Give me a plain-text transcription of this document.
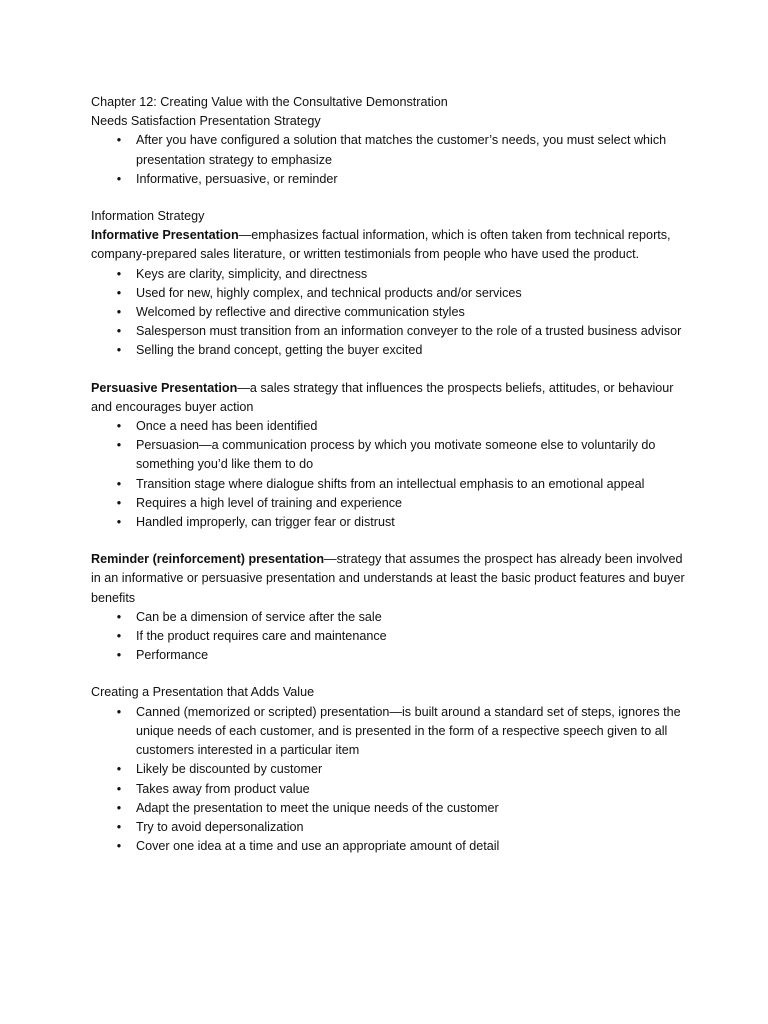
Chapter 12: Creating Value with the Consultative Demonstration

Needs Satisfaction Presentation Strategy

• After you have configured a solution that matches the customer’s needs, you must select which presentation strategy to emphasize
• Informative, persuasive, or reminder

Information Strategy

Informative Presentation—emphasizes factual information, which is often taken from technical reports, company-prepared sales literature, or written testimonials from people who have used the product.

• Keys are clarity, simplicity, and directness
• Used for new, highly complex, and technical products and/or services
• Welcomed by reflective and directive communication styles
• Salesperson must transition from an information conveyer to the role of a trusted business advisor
• Selling the brand concept, getting the buyer excited

Persuasive Presentation—a sales strategy that influences the prospects beliefs, attitudes, or behaviour and encourages buyer action

• Once a need has been identified
• Persuasion—a communication process by which you motivate someone else to voluntarily do something you’d like them to do
• Transition stage where dialogue shifts from an intellectual emphasis to an emotional appeal
• Requires a high level of training and experience
• Handled improperly, can trigger fear or distrust

Reminder (reinforcement) presentation—strategy that assumes the prospect has already been involved in an informative or persuasive presentation and understands at least the basic product features and buyer benefits

• Can be a dimension of service after the sale
• If the product requires care and maintenance
• Performance

Creating a Presentation that Adds Value

• Canned (memorized or scripted) presentation—is built around a standard set of steps, ignores the unique needs of each customer, and is presented in the form of a respective speech given to all customers interested in a particular item
• Likely be discounted by customer
• Takes away from product value
• Adapt the presentation to meet the unique needs of the customer
• Try to avoid depersonalization
• Cover one idea at a time and use an appropriate amount of detail
